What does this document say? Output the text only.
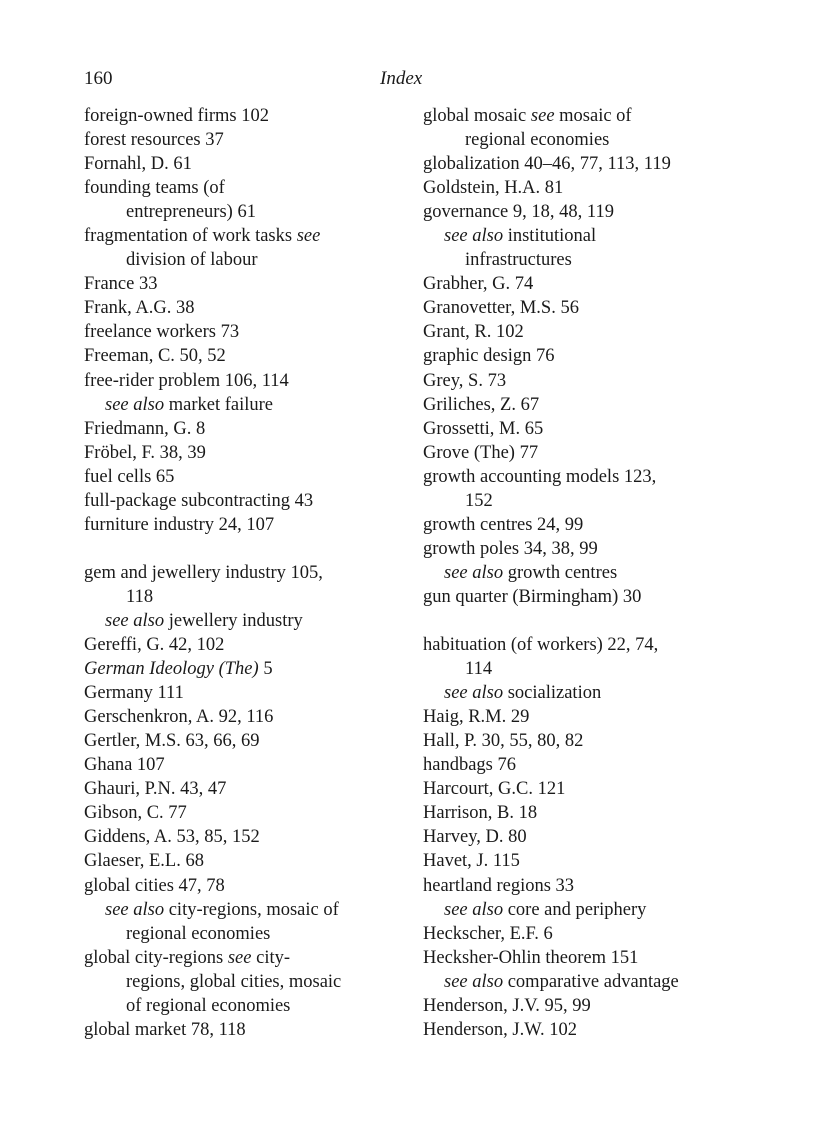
160	Index
foreign-owned firms 102
forest resources 37
Fornahl, D. 61
founding teams (of
entrepreneurs) 61
fragmentation of work tasks see
division of labour
France 33
Frank, A.G. 38
freelance workers 73
Freeman, C. 50, 52
free-rider problem 106, 114
see also market failure
Friedmann, G. 8
Fröbel, F. 38, 39
fuel cells 65
full-package subcontracting 43
furniture industry 24, 107
gem and jewellery industry 105,
118
see also jewellery industry
Gereffi, G. 42, 102
German Ideology (The) 5
Germany 111
Gerschenkron, A. 92, 116
Gertler, M.S. 63, 66, 69
Ghana 107
Ghauri, P.N. 43, 47
Gibson, C. 77
Giddens, A. 53, 85, 152
Glaeser, E.L. 68
global cities 47, 78
see also city-regions, mosaic of
regional economies
global city-regions see city-
regions, global cities, mosaic
of regional economies
global market 78, 118
global mosaic see mosaic of
regional economies
globalization 40–46, 77, 113, 119
Goldstein, H.A. 81
governance 9, 18, 48, 119
see also institutional
infrastructures
Grabher, G. 74
Granovetter, M.S. 56
Grant, R. 102
graphic design 76
Grey, S. 73
Griliches, Z. 67
Grossetti, M. 65
Grove (The) 77
growth accounting models 123,
152
growth centres 24, 99
growth poles 34, 38, 99
see also growth centres
gun quarter (Birmingham) 30
habituation (of workers) 22, 74,
114
see also socialization
Haig, R.M. 29
Hall, P. 30, 55, 80, 82
handbags 76
Harcourt, G.C. 121
Harrison, B. 18
Harvey, D. 80
Havet, J. 115
heartland regions 33
see also core and periphery
Heckscher, E.F. 6
Hecksher-Ohlin theorem 151
see also comparative advantage
Henderson, J.V. 95, 99
Henderson, J.W. 102
